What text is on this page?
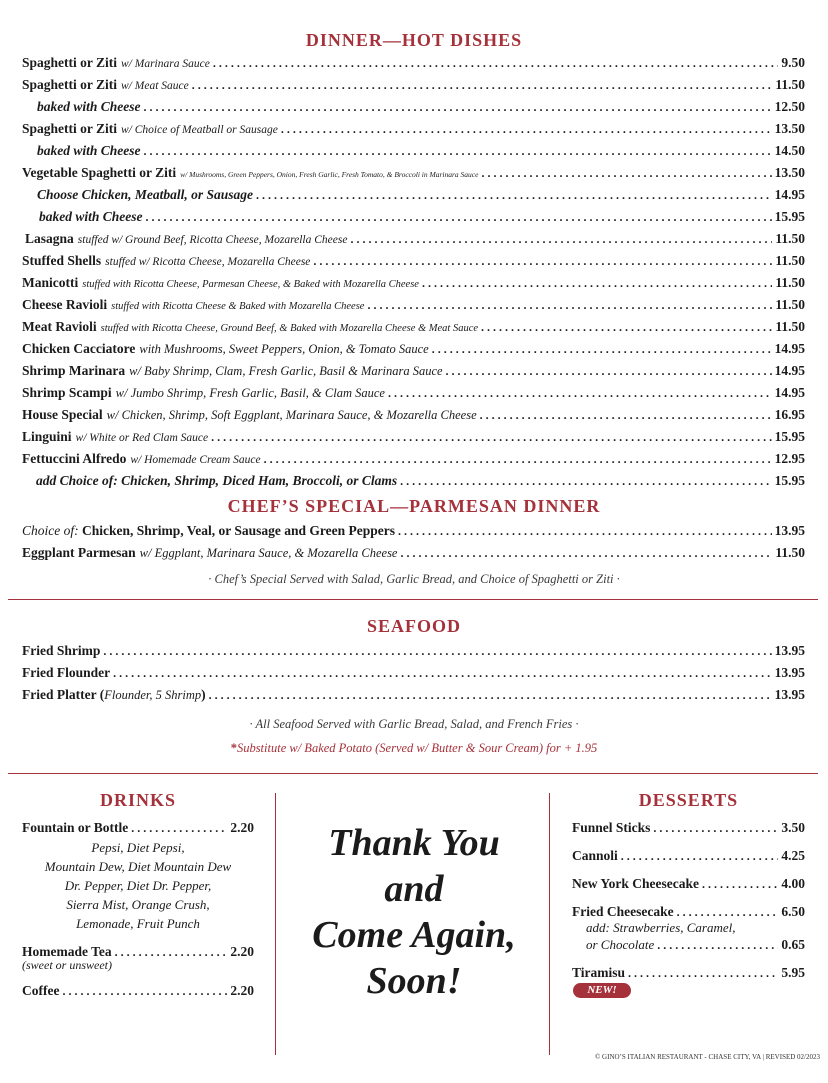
DINNER—HOT DISHES
Spaghetti or Ziti w/ Marinara Sauce . . .	9.50
Spaghetti or Ziti w/ Meat Sauce . . .	11.50
baked with Cheese . . .	12.50
Spaghetti or Ziti w/ Choice of Meatball or Sausage . . .	13.50
baked with Cheese . . .	14.50
Vegetable Spaghetti or Ziti w/ Mushrooms, Green Peppers, Onion, Fresh Garlic, Fresh Tomato, & Broccoli in Marinara Sauce . . .	13.50
Choose Chicken, Meatball, or Sausage . . .	14.95
baked with Cheese . . .	15.95
Lasagna stuffed w/ Ground Beef, Ricotta Cheese, Mozarella Cheese . . .	11.50
Stuffed Shells stuffed w/ Ricotta Cheese, Mozarella Cheese . . .	11.50
Manicotti stuffed with Ricotta Cheese, Parmesan Cheese, & Baked with Mozarella Cheese . . .	11.50
Cheese Ravioli stuffed with Ricotta Cheese & Baked with Mozarella Cheese . . .	11.50
Meat Ravioli stuffed with Ricotta Cheese, Ground Beef, & Baked with Mozarella Cheese & Meat Sauce . . .	11.50
Chicken Cacciatore with Mushrooms, Sweet Peppers, Onion, & Tomato Sauce . . .	14.95
Shrimp Marinara w/ Baby Shrimp, Clam, Fresh Garlic, Basil & Marinara Sauce . . .	14.95
Shrimp Scampi w/ Jumbo Shrimp, Fresh Garlic, Basil, & Clam Sauce . . .	14.95
House Special w/ Chicken, Shrimp, Soft Eggplant, Marinara Sauce, & Mozarella Cheese . . .	16.95
Linguini w/ White or Red Clam Sauce . . .	15.95
Fettuccini Alfredo w/ Homemade Cream Sauce . . .	12.95
add Choice of: Chicken, Shrimp, Diced Ham, Broccoli, or Clams . . .	15.95
CHEF’S SPECIAL—PARMESAN DINNER
Choice of:
Chicken, Shrimp, Veal, or Sausage and Green Peppers . . .	13.95
Eggplant Parmesan w/ Eggplant, Marinara Sauce, & Mozarella Cheese . . .	11.50
· Chef’s Special Served with Salad, Garlic Bread, and Choice of Spaghetti or Ziti ·
SEAFOOD
Fried Shrimp . . .	13.95
Fried Flounder . . .	13.95
Fried Platter ( Flounder, 5 Shrimp ) . . .	13.95
· All Seafood Served with Garlic Bread, Salad, and French Fries ·
*Substitute w/ Baked Potato (Served w/ Butter & Sour Cream) for + 1.95
DRINKS
Fountain or Bottle . . .	2.20
Pepsi, Diet Pepsi,
Mountain Dew, Diet Mountain Dew
Dr. Pepper, Diet Dr. Pepper,
Sierra Mist, Orange Crush,
Lemonade, Fruit Punch
Homemade Tea . . .	2.20
(sweet or unsweet)
Coffee . . .	2.20
Thank You
and
Come Again,
Soon!
DESSERTS
Funnel Sticks . . .	3.50
Cannoli . . .	4.25
New York Cheesecake . . .	4.00
Fried Cheesecake . . .	6.50
add: Strawberries, Caramel,
or Chocolate . . .	0.65
Tiramisu . . .	5.95
NEW!
© GINO’S ITALIAN RESTAURANT - CHASE CITY, VA | REVISED 02/2023
